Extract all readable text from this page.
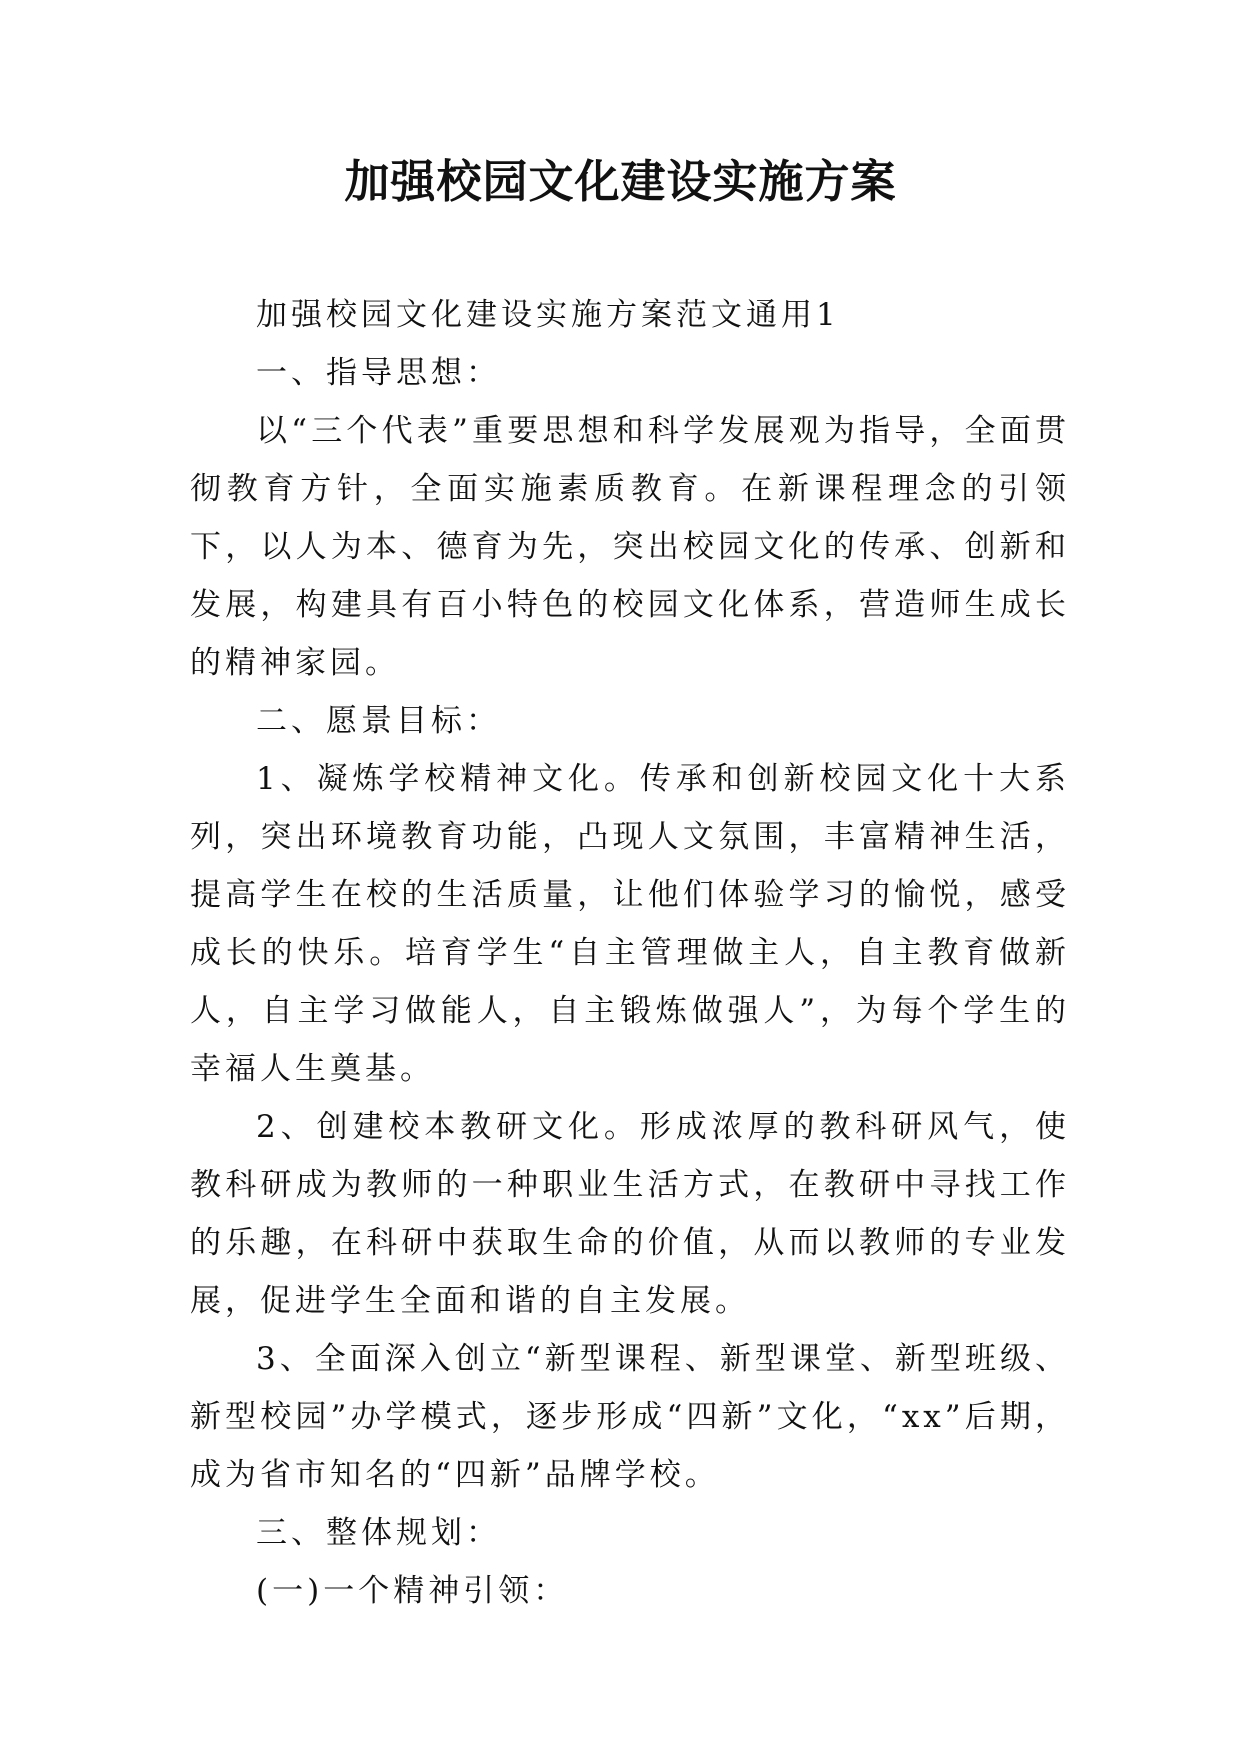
加强校园文化建设实施方案

加强校园文化建设实施方案范文通用1

一、指导思想：

以“三个代表”重要思想和科学发展观为指导，全面贯彻教育方针，全面实施素质教育。在新课程理念的引领下，以人为本、德育为先，突出校园文化的传承、创新和发展，构建具有百小特色的校园文化体系，营造师生成长的精神家园。

二、愿景目标：

1、凝炼学校精神文化。传承和创新校园文化十大系列，突出环境教育功能，凸现人文氛围，丰富精神生活，提高学生在校的生活质量，让他们体验学习的愉悦，感受成长的快乐。培育学生“自主管理做主人，自主教育做新人，自主学习做能人，自主锻炼做强人”，为每个学生的幸福人生奠基。

2、创建校本教研文化。形成浓厚的教科研风气，使教科研成为教师的一种职业生活方式，在教研中寻找工作的乐趣，在科研中获取生命的价值，从而以教师的专业发展，促进学生全面和谐的自主发展。

3、全面深入创立“新型课程、新型课堂、新型班级、新型校园”办学模式，逐步形成“四新”文化，“xx”后期，成为省市知名的“四新”品牌学校。

三、整体规划：

(一)一个精神引领：
